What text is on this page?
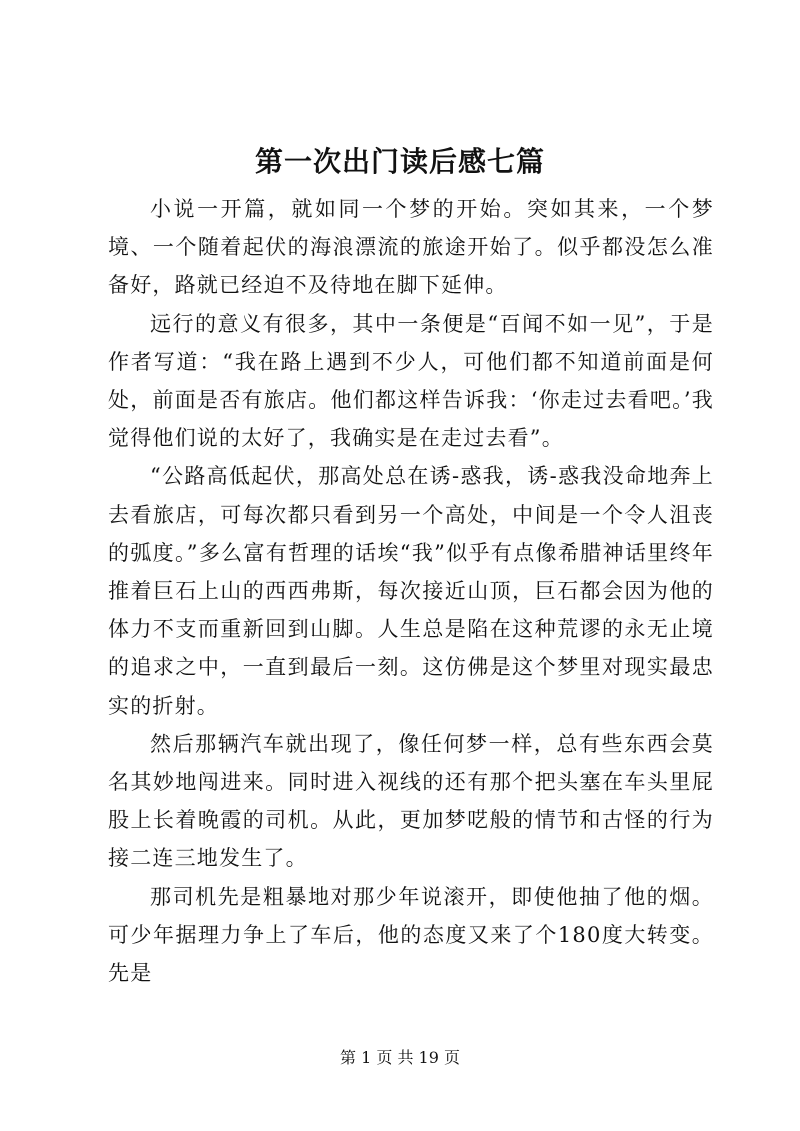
第一次出门读后感七篇

小说一开篇，就如同一个梦的开始。突如其来，一个梦境、一个随着起伏的海浪漂流的旅途开始了。似乎都没怎么准备好，路就已经迫不及待地在脚下延伸。

远行的意义有很多，其中一条便是“百闻不如一见”，于是作者写道：“我在路上遇到不少人，可他们都不知道前面是何处，前面是否有旅店。他们都这样告诉我：‘你走过去看吧。’我觉得他们说的太好了，我确实是在走过去看”。

“公路高低起伏，那高处总在诱-惑我，诱-惑我没命地奔上去看旅店，可每次都只看到另一个高处，中间是一个令人沮丧的弧度。”多么富有哲理的话埃“我”似乎有点像希腊神话里终年推着巨石上山的西西弗斯，每次接近山顶，巨石都会因为他的体力不支而重新回到山脚。人生总是陷在这种荒谬的永无止境的追求之中，一直到最后一刻。这仿佛是这个梦里对现实最忠实的折射。

然后那辆汽车就出现了，像任何梦一样，总有些东西会莫名其妙地闯进来。同时进入视线的还有那个把头塞在车头里屁股上长着晚霞的司机。从此，更加梦呓般的情节和古怪的行为接二连三地发生了。

那司机先是粗暴地对那少年说滚开，即使他抽了他的烟。可少年据理力争上了车后，他的态度又来了个180度大转变。先是

第 1 页 共 19 页
